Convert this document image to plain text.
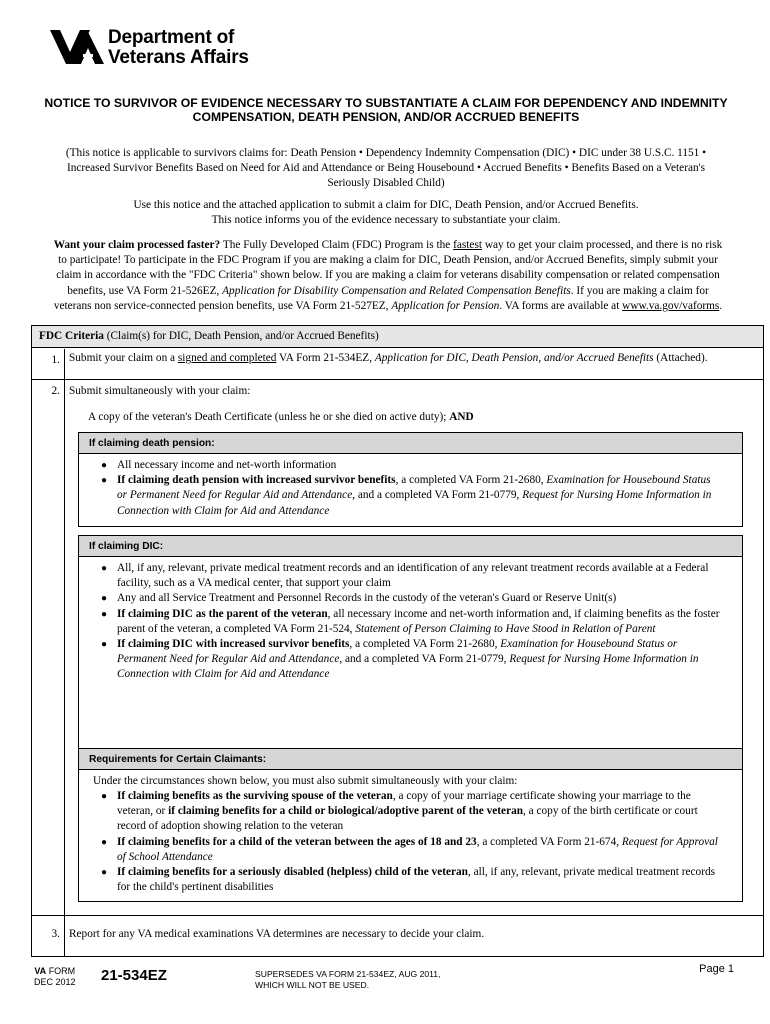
Department of
Veterans Affairs
NOTICE TO SURVIVOR OF EVIDENCE NECESSARY TO SUBSTANTIATE A CLAIM FOR DEPENDENCY AND INDEMNITY COMPENSATION, DEATH PENSION, AND/OR ACCRUED BENEFITS
(This notice is applicable to survivors claims for: Death Pension • Dependency Indemnity Compensation (DIC) • DIC under 38 U.S.C. 1151 • Increased Survivor Benefits Based on Need for Aid and Attendance or Being Housebound • Accrued Benefits • Benefits Based on a Veteran's Seriously Disabled Child)
Use this notice and the attached application to submit a claim for DIC, Death Pension, and/or Accrued Benefits.
This notice informs you of the evidence necessary to substantiate your claim.
Want your claim processed faster? The Fully Developed Claim (FDC) Program is the fastest way to get your claim processed, and there is no risk to participate! To participate in the FDC Program if you are making a claim for DIC, Death Pension, and/or Accrued Benefits, simply submit your claim in accordance with the "FDC Criteria" shown below. If you are making a claim for veterans disability compensation or related compensation benefits, use VA Form 21-526EZ, Application for Disability Compensation and Related Compensation Benefits. If you are making a claim for veterans non service-connected pension benefits, use VA Form 21-527EZ, Application for Pension. VA forms are available at www.va.gov/vaforms.
FDC Criteria (Claim(s) for DIC, Death Pension, and/or Accrued Benefits)
1. Submit your claim on a signed and completed VA Form 21-534EZ, Application for DIC, Death Pension, and/or Accrued Benefits (Attached).
2. Submit simultaneously with your claim:
A copy of the veteran's Death Certificate (unless he or she died on active duty); AND
If claiming death pension:
● All necessary income and net-worth information
● If claiming death pension with increased survivor benefits, a completed VA Form 21-2680, Examination for Housebound Status or Permanent Need for Regular Aid and Attendance, and a completed VA Form 21-0779, Request for Nursing Home Information in Connection with Claim for Aid and Attendance
If claiming DIC:
● All, if any, relevant, private medical treatment records and an identification of any relevant treatment records available at a Federal facility, such as a VA medical center, that support your claim
● Any and all Service Treatment and Personnel Records in the custody of the veteran's Guard or Reserve Unit(s)
● If claiming DIC as the parent of the veteran, all necessary income and net-worth information and, if claiming benefits as the foster parent of the veteran, a completed VA Form 21-524, Statement of Person Claiming to Have Stood in Relation of Parent
● If claiming DIC with increased survivor benefits, a completed VA Form 21-2680, Examination for Housebound Status or Permanent Need for Regular Aid and Attendance, and a completed VA Form 21-0779, Request for Nursing Home Information in Connection with Claim for Aid and Attendance
Requirements for Certain Claimants:
Under the circumstances shown below, you must also submit simultaneously with your claim:
● If claiming benefits as the surviving spouse of the veteran, a copy of your marriage certificate showing your marriage to the veteran, or if claiming benefits for a child or biological/adoptive parent of the veteran, a copy of the birth certificate or court record of adoption showing relation to the veteran
● If claiming benefits for a child of the veteran between the ages of 18 and 23, a completed VA Form 21-674, Request for Approval of School Attendance
● If claiming benefits for a seriously disabled (helpless) child of the veteran, all, if any, relevant, private medical treatment records for the child's pertinent disabilities
3. Report for any VA medical examinations VA determines are necessary to decide your claim.
VA FORM
DEC 2012 21-534EZ	SUPERSEDES VA FORM 21-534EZ, AUG 2011,
WHICH WILL NOT BE USED.
Page 1
